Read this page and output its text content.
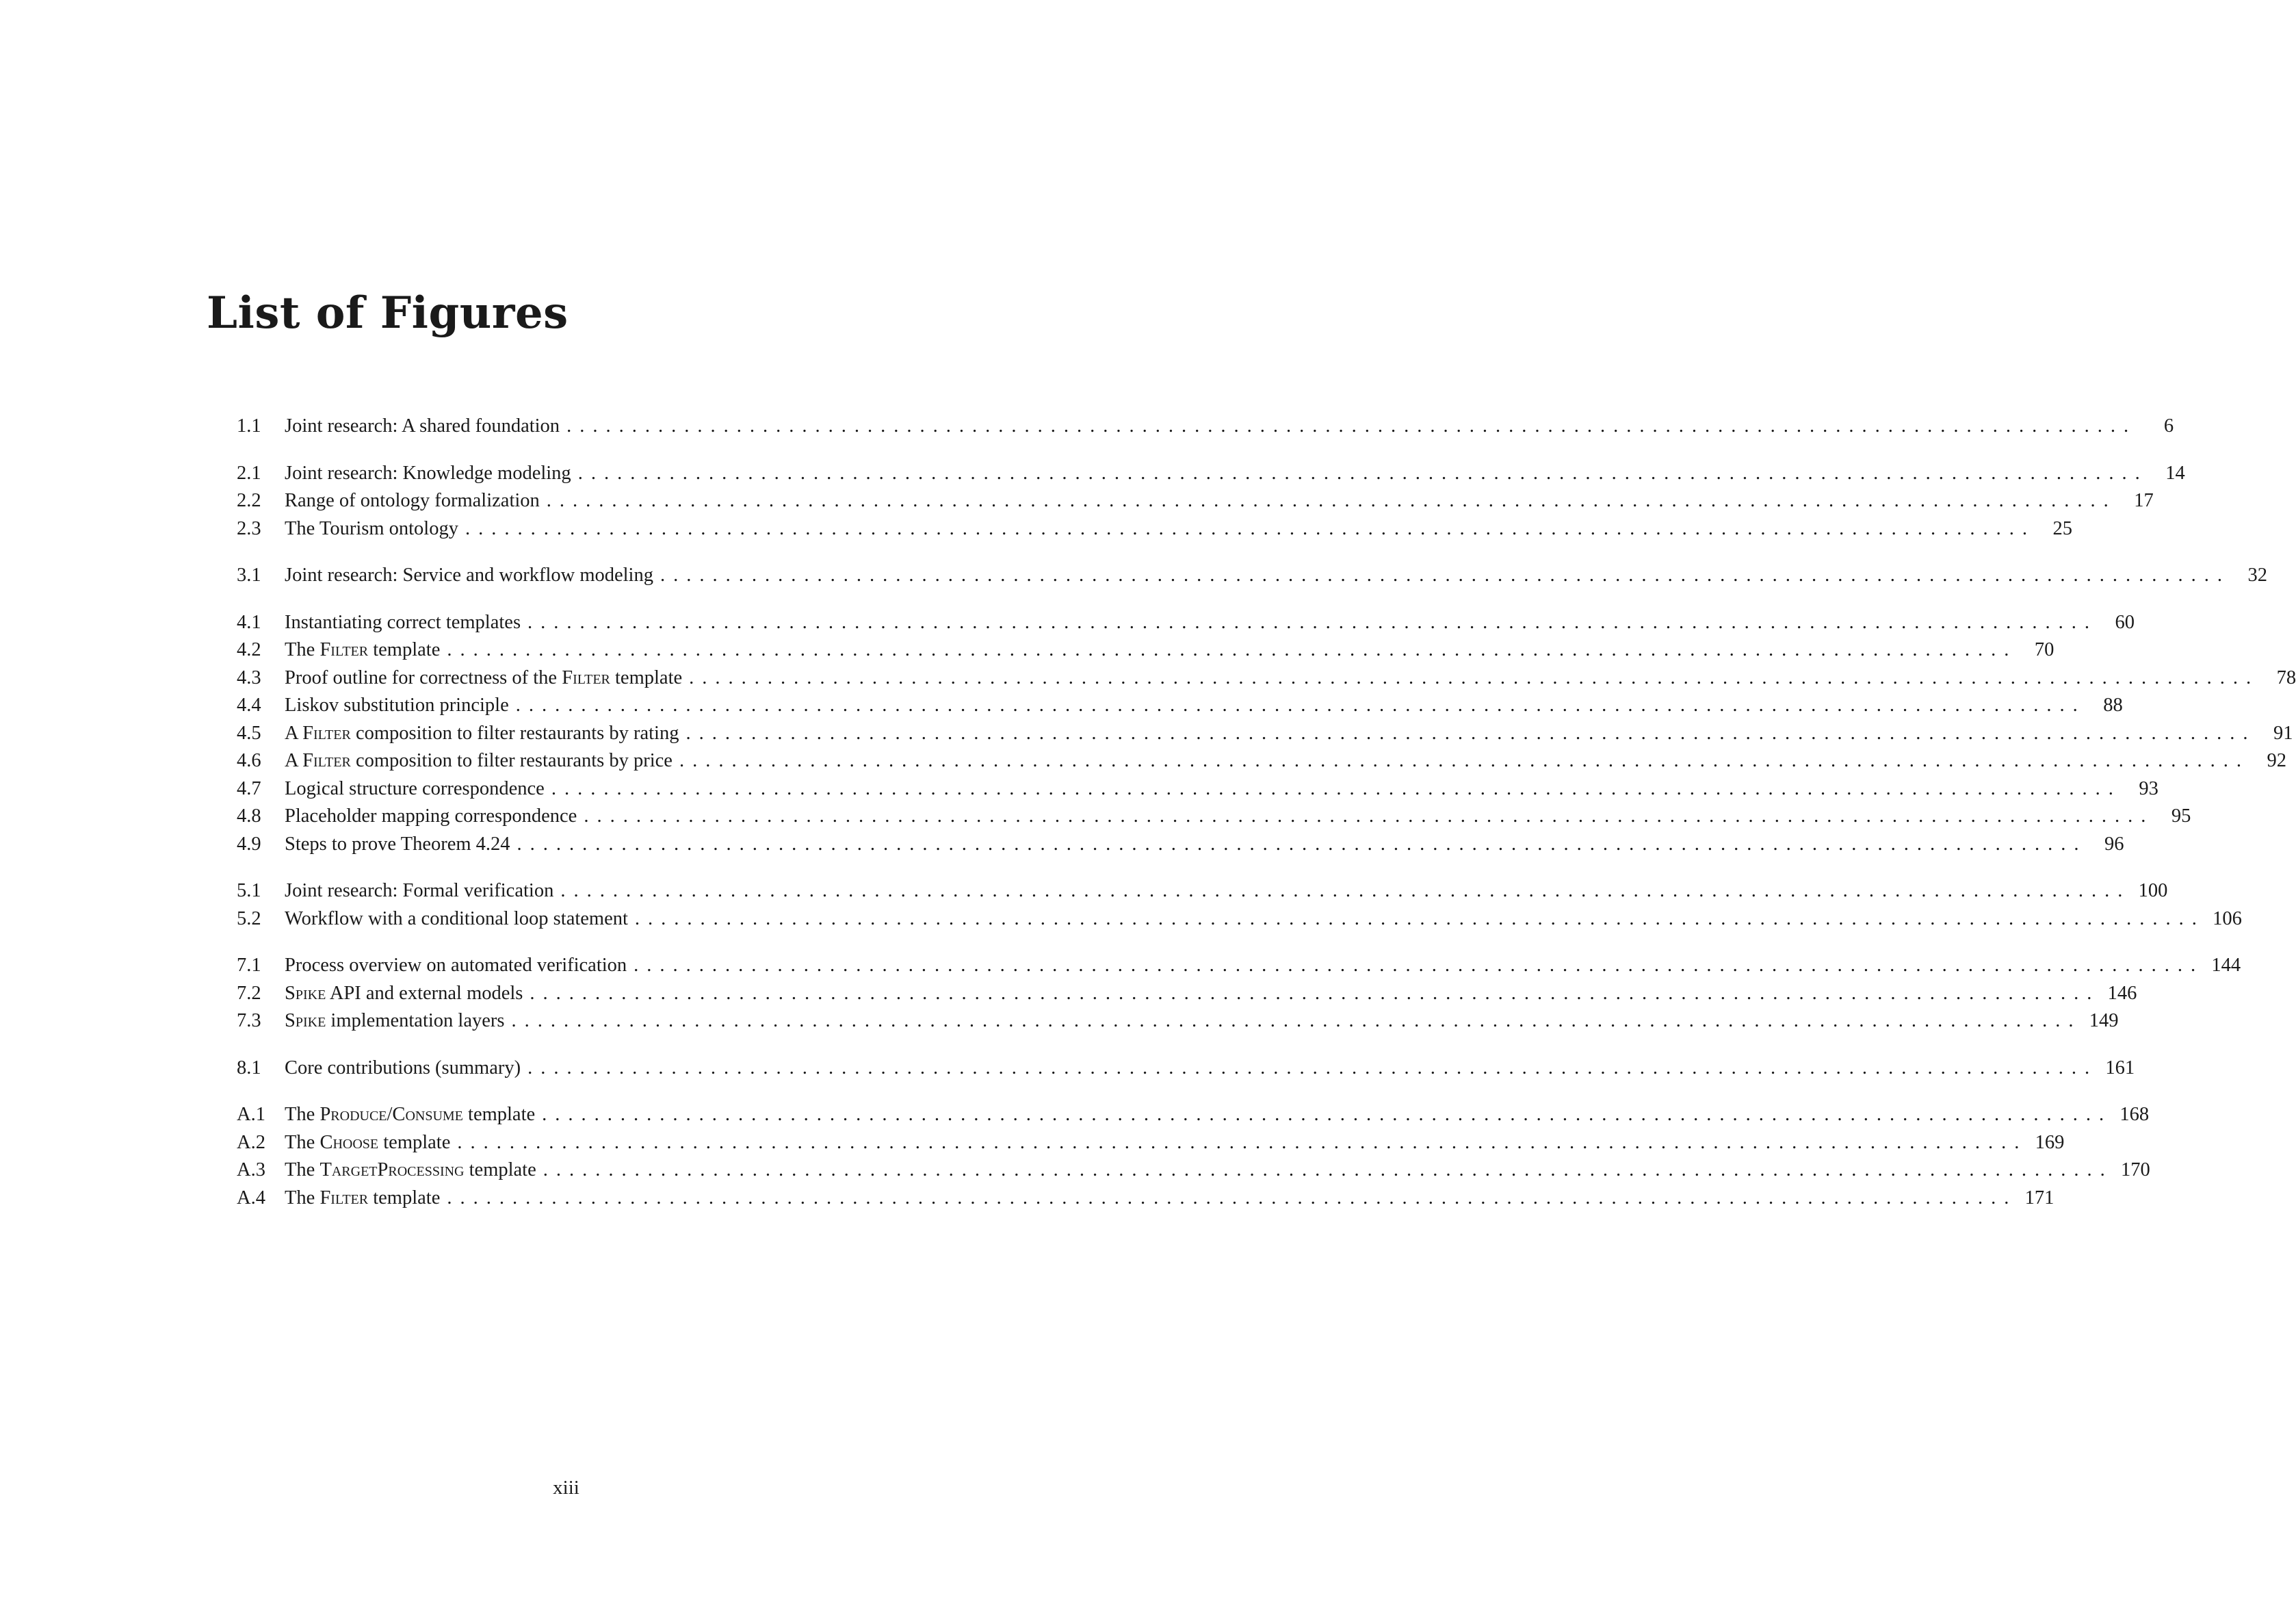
List of Figures
1.1	Joint research: A shared foundation ........................................................................................................................	6
2.1	Joint research: Knowledge modeling ........................................................................................................................ 14
2.2	Range of ontology formalization ........................................................................................................................ 17
2.3	The Tourism ontology ........................................................................................................................ 25
3.1	Joint research: Service and workflow modeling ........................................................................................................................ 32
4.1	Instantiating correct templates ........................................................................................................................ 60
4.2	The Filter template ........................................................................................................................ 70
4.3	Proof outline for correctness of the Filter template ........................................................................................................................ 78
4.4	Liskov substitution principle ........................................................................................................................ 88
4.5	A Filter composition to filter restaurants by rating ........................................................................................................................ 91
4.6	A Filter composition to filter restaurants by price ........................................................................................................................ 92
4.7	Logical structure correspondence ........................................................................................................................ 93
4.8	Placeholder mapping correspondence ........................................................................................................................ 95
4.9	Steps to prove Theorem 4.24 ........................................................................................................................ 96
5.1	Joint research: Formal verification ........................................................................................................................ 100
5.2	Workflow with a conditional loop statement ........................................................................................................................ 106
7.1	Process overview on automated verification ........................................................................................................................ 144
7.2	Spike API and external models ........................................................................................................................ 146
7.3	Spike implementation layers ........................................................................................................................ 149
8.1	Core contributions (summary) ........................................................................................................................ 161
A.1 The Produce/Consume template ........................................................................................................................ 168
A.2 The Choose template ........................................................................................................................ 169
A.3 The TargetProcessing template ........................................................................................................................ 170
A.4 The Filter template ........................................................................................................................ 171
xiii
